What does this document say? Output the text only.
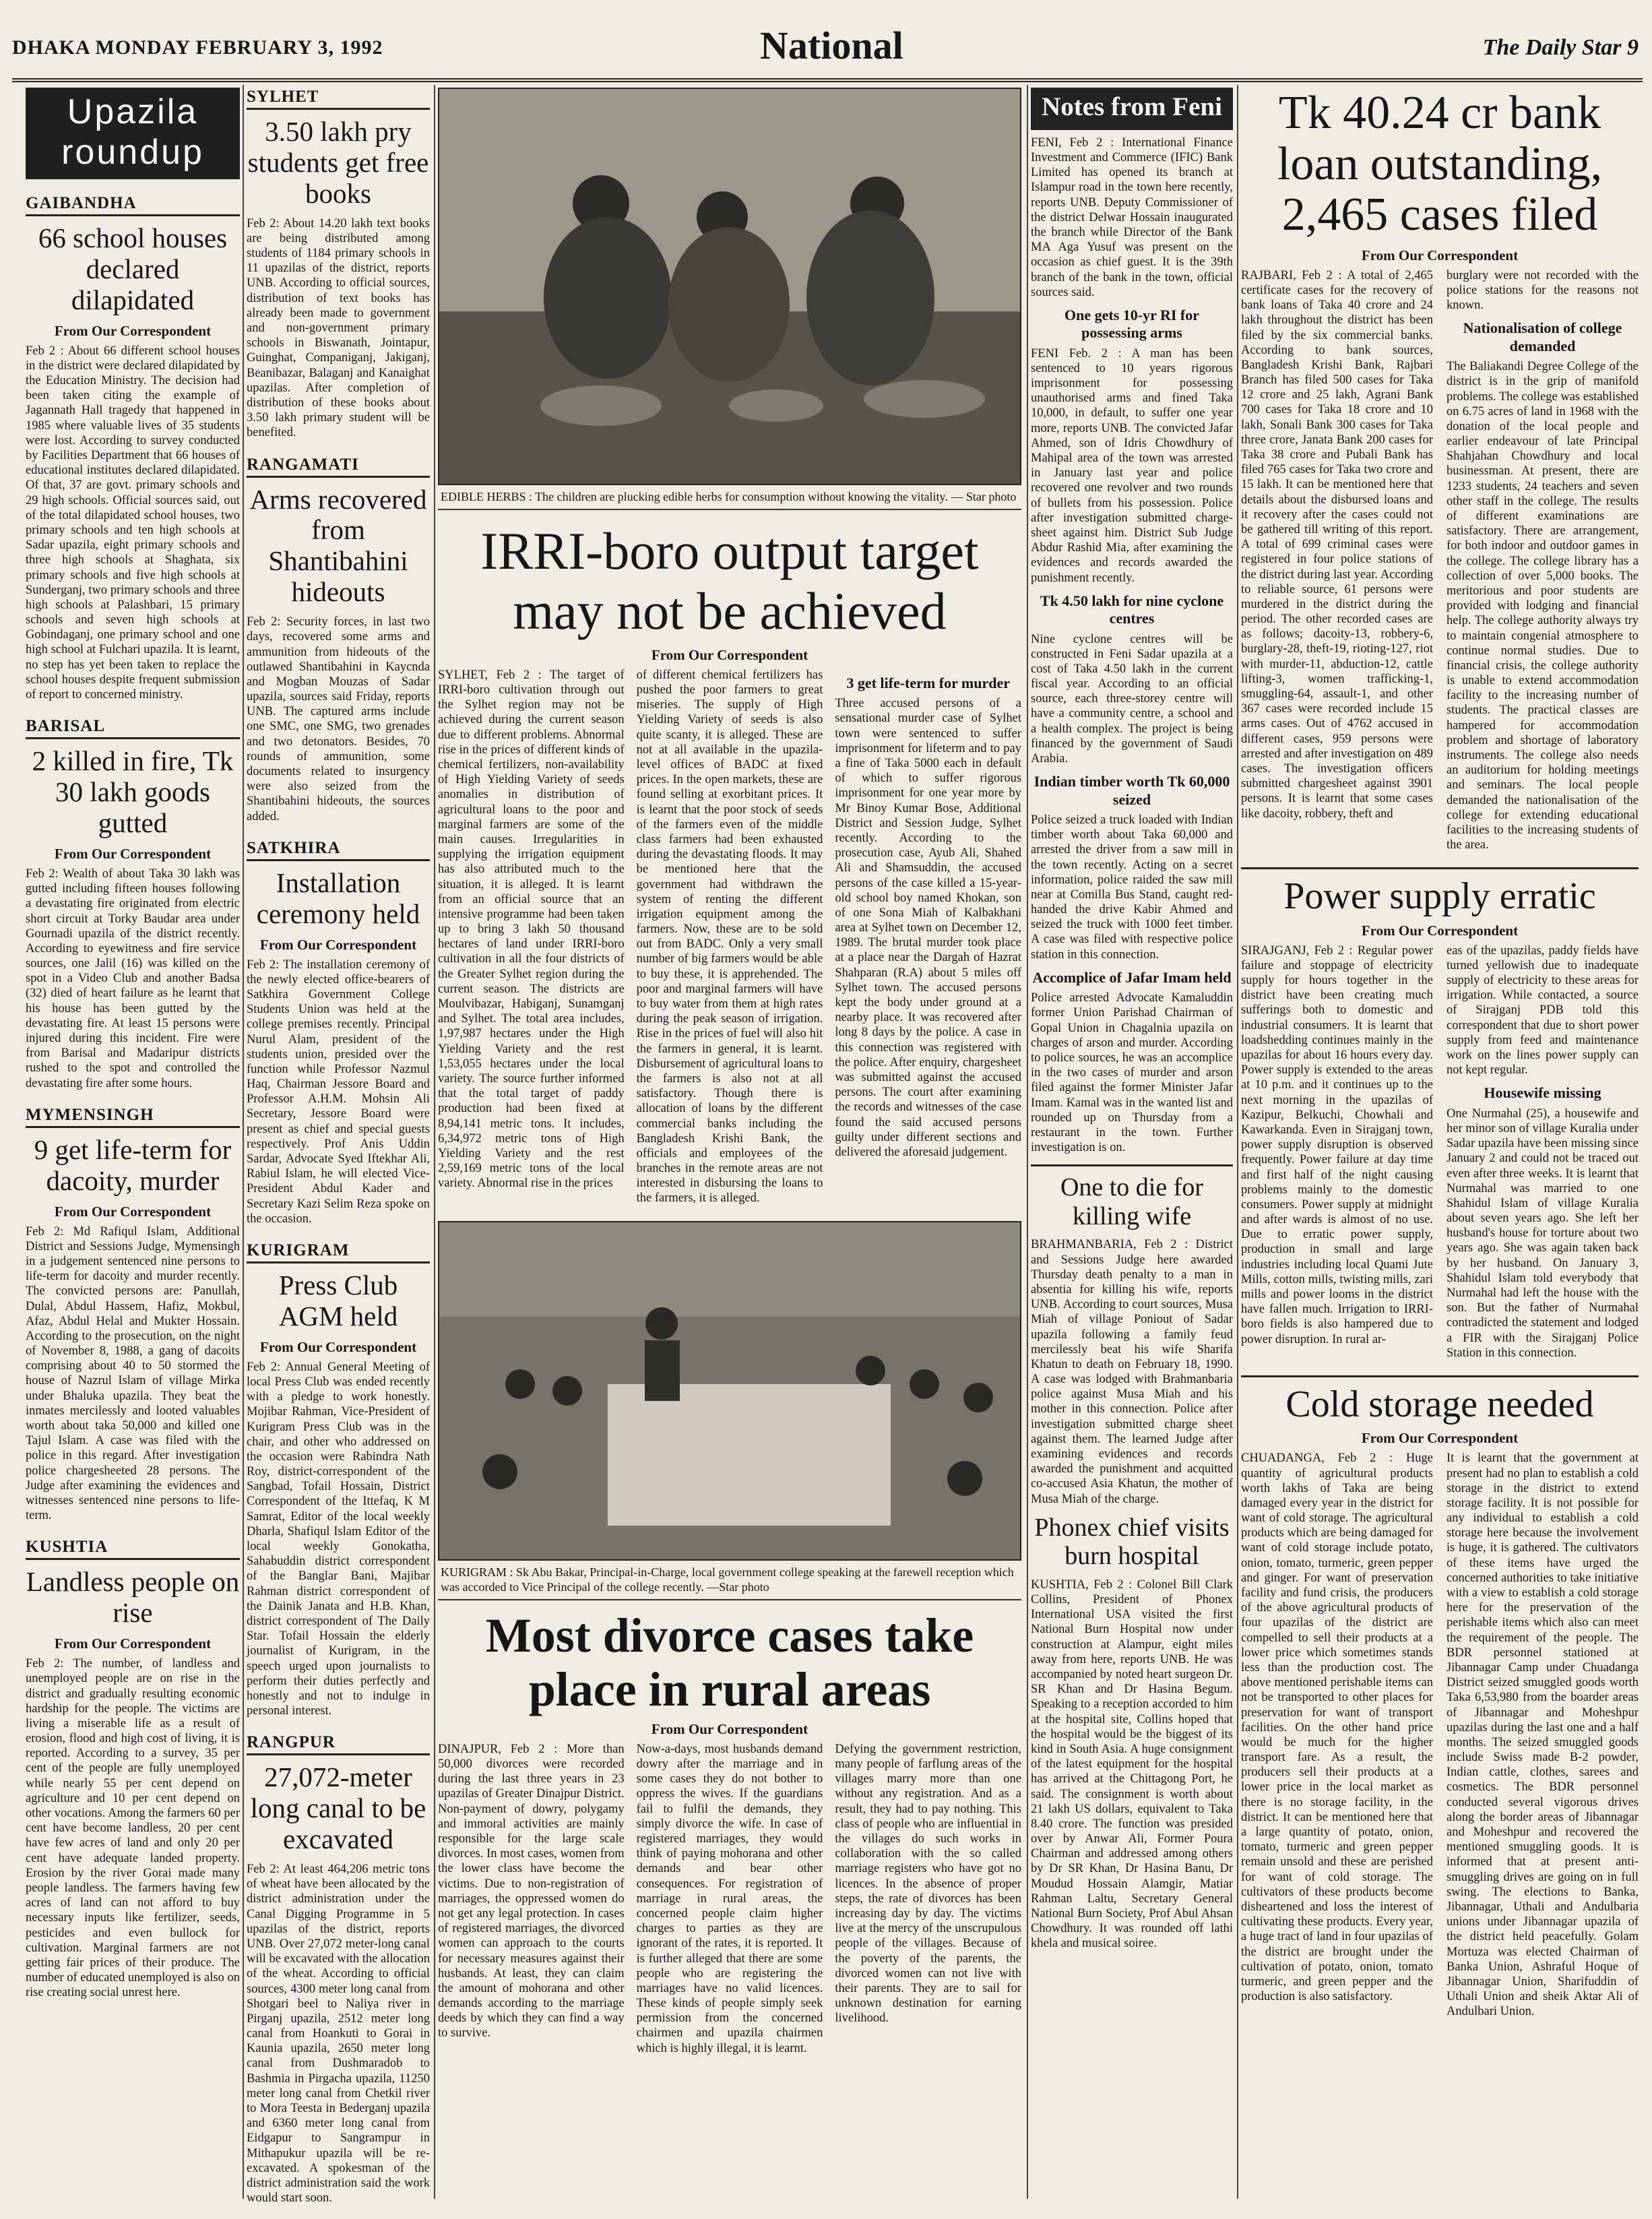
DHAKA MONDAY FEBRUARY 3, 1992	National	The Daily Star 9
Upazila roundup
GAIBANDHA
66 school houses declared dilapidated
From Our Correspondent

Feb 2 : About 66 different school houses in the district were declared dilapidated by the Education Ministry. The decision had been taken citing the example of Jagannath Hall tragedy that happened in 1985 where valuable lives of 35 students were lost. According to survey conducted by Facilities Department that 66 houses of educational institutes declared dilapidated. Of that, 37 are govt. primary schools and 29 high schools. Official sources said, out of the total dilapidated school houses, two primary schools and ten high schools at Sadar upazila, eight primary schools and three high schools at Shaghata, six primary schools and five high schools at Sunderganj, two primary schools and three high schools at Palashbari, 15 primary schools and seven high schools at Gobindaganj, one primary school and one high school at Fulchari upazila. It is learnt, no step has yet been taken to replace the school houses despite frequent submission of report to concerned ministry.

BARISAL
2 killed in fire, Tk 30 lakh goods gutted
From Our Correspondent

Feb 2: Wealth of about Taka 30 lakh was gutted including fifteen houses following a devastating fire originated from electric short circuit at Torky Baudar area under Gournadi upazila of the district recently. According to eyewitness and fire service sources, one Jalil (16) was killed on the spot in a Video Club and another Badsa (32) died of heart failure as he learnt that his house has been gutted by the devastating fire. At least 15 persons were injured during this incident. Fire were from Barisal and Madaripur districts rushed to the spot and controlled the devastating fire after some hours.

MYMENSINGH
9 get life-term for dacoity, murder
From Our Correspondent

Feb 2: Md Rafiqul Islam, Additional District and Sessions Judge, Mymensingh in a judgement sentenced nine persons to life-term for dacoity and murder recently. The convicted persons are: Panullah, Dulal, Abdul Hassem, Hafiz, Mokbul, Afaz, Abdul Helal and Mukter Hossain. According to the prosecution, on the night of November 8, 1988, a gang of dacoits comprising about 40 to 50 stormed the house of Nazrul Islam of village Mirka under Bhaluka upazila. They beat the inmates mercilessly and looted valuables worth about taka 50,000 and killed one Tajul Islam. A case was filed with the police in this regard. After investigation police chargesheeted 28 persons. The Judge after examining the evidences and witnesses sentenced nine persons to life-term.

KUSHTIA
Landless people on rise
From Our Correspondent

Feb 2: The number, of landless and unemployed people are on rise in the district and gradually resulting economic hardship for the people. The victims are living a miserable life as a result of erosion, flood and high cost of living, it is reported. According to a survey, 35 per cent of the people are fully unemployed while nearly 55 per cent depend on agriculture and 10 per cent depend on other vocations. Among the farmers 60 per cent have become landless, 20 per cent have few acres of land and only 20 per cent have adequate landed property. Erosion by the river Gorai made many people landless. The farmers having few acres of land can not afford to buy necessary inputs like fertilizer, seeds, pesticides and even bullock for cultivation. Marginal farmers are not getting fair prices of their produce. The number of educated unemployed is also on rise creating social unrest here.

SYLHET
3.50 lakh pry students get free books

Feb 2: About 14.20 lakh text books are being distributed among students of 1184 primary schools in 11 upazilas of the district, reports UNB. According to official sources, distribution of text books has already been made to government and non-government primary schools in Biswanath, Jointapur, Guinghat, Companiganj, Jakiganj, Beanibazar, Balaganj and Kanaighat upazilas. After completion of distribution of these books about 3.50 lakh primary student will be benefited.

RANGAMATI
Arms recovered from Shantibahini hideouts

Feb 2: Security forces, in last two days, recovered some arms and ammunition from hideouts of the outlawed Shantibahini in Kaycnda and Mogban Mouzas of Sadar upazila, sources said Friday, reports UNB. The captured arms include one SMC, one SMG, two grenades and two detonators. Besides, 70 rounds of ammunition, some documents related to insurgency were also seized from the Shantibahini hideouts, the sources added.

SATKHIRA
Installation ceremony held
From Our Correspondent

Feb 2: The installation ceremony of the newly elected office-bearers of Satkhira Government College Students Union was held at the college premises recently. Principal Nurul Alam, president of the students union, presided over the function while Professor Nazmul Haq, Chairman Jessore Board and Professor A.H.M. Mohsin Ali Secretary, Jessore Board were present as chief and special guests respectively. Prof Anis Uddin Sardar, Advocate Syed Iftekhar Ali, Rabiul Islam, he will elected Vice-President Abdul Kader and Secretary Kazi Selim Reza spoke on the occasion.

KURIGRAM
Press Club AGM held
From Our Correspondent

Feb 2: Annual General Meeting of local Press Club was ended recently with a pledge to work honestly. Mojibar Rahman, Vice-President of Kurigram Press Club was in the chair, and other who addressed on the occasion were Rabindra Nath Roy, district-correspondent of the Sangbad, Tofail Hossain, District Correspondent of the Ittefaq, K M Samrat, Editor of the local weekly Dharla, Shafiqul Islam Editor of the local weekly Gonokatha, Sahabuddin district correspondent of the Banglar Bani, Majibar Rahman district correspondent of the Dainik Janata and H.B. Khan, district correspondent of The Daily Star. Tofail Hossain the elderly journalist of Kurigram, in the speech urged upon journalists to perform their duties perfectly and honestly and not to indulge in personal interest.

RANGPUR
27,072-meter long canal to be excavated

Feb 2: At least 464,206 metric tons of wheat have been allocated by the district administration under the Canal Digging Programme in 5 upazilas of the district, reports UNB. Over 27,072 meter-long canal will be excavated with the allocation of the wheat. According to official sources, 4300 meter long canal from Shotgari beel to Naliya river in Pirganj upazila, 2512 meter long canal from Hoankuti to Gorai in Kaunia upazila, 2650 meter long canal from Dushmaradob to Bashmia in Pirgacha upazila, 11250 meter long canal from Chetkil river to Mora Teesta in Bederganj upazila and 6360 meter long canal from Eidgapur to Sangrampur in Mithapukur upazila will be re-excavated. A spokesman of the district administration said the work would start soon.

EDIBLE HERBS : The children are plucking edible herbs for consumption without knowing the vitality. — Star photo
IRRI-boro output target may not be achieved
From Our Correspondent

SYLHET, Feb 2 : The target of IRRI-boro cultivation through out the Sylhet region may not be achieved during the current season due to different problems. Abnormal rise in the prices of different kinds of chemical fertilizers, non-availability of High Yielding Variety of seeds anomalies in distribution of agricultural loans to the poor and marginal farmers are some of the main causes. Irregularities in supplying the irrigation equipment has also attributed much to the situation, it is alleged. It is learnt from an official source that an intensive programme had been taken up to bring 3 lakh 50 thousand hectares of land under IRRI-boro cultivation in all the four districts of the Greater Sylhet region during the current season. The districts are Moulvibazar, Habiganj, Sunamganj and Sylhet. The total area includes, 1,97,987 hectares under the High Yielding Variety and the rest 1,53,055 hectares under the local variety. The source further informed that the total target of paddy production had been fixed at 8,94,141 metric tons. It includes, 6,34,972 metric tons of High Yielding Variety and the rest 2,59,169 metric tons of the local variety. Abnormal rise in the prices

of different chemical fertilizers has pushed the poor farmers to great miseries. The supply of High Yielding Variety of seeds is also quite scanty, it is alleged. These are not at all available in the upazila-level offices of BADC at fixed prices. In the open markets, these are found selling at exorbitant prices. It is learnt that the poor stock of seeds of the farmers even of the middle class farmers had been exhausted during the devastating floods. It may be mentioned here that the government had withdrawn the system of renting the different irrigation equipment among the farmers. Now, these are to be sold out from BADC. Only a very small number of big farmers would be able to buy these, it is apprehended. The poor and marginal farmers will have to buy water from them at high rates during the peak season of irrigation. Rise in the prices of fuel will also hit the farmers in general, it is learnt. Disbursement of agricultural loans to the farmers is also not at all satisfactory. Though there is allocation of loans by the different commercial banks including the Bangladesh Krishi Bank, the officials and employees of the branches in the remote areas are not interested in disbursing the loans to the farmers, it is alleged.

3 get life-term for murder

Three accused persons of a sensational murder case of Sylhet town were sentenced to suffer imprisonment for lifeterm and to pay a fine of Taka 5000 each in default of which to suffer rigorous imprisonment for one year more by Mr Binoy Kumar Bose, Additional District and Session Judge, Sylhet recently. According to the prosecution case, Ayub Ali, Shahed Ali and Shamsuddin, the accused persons of the case killed a 15-year-old school boy named Khokan, son of one Sona Miah of Kalbakhani area at Sylhet town on December 12, 1989. The brutal murder took place at a place near the Dargah of Hazrat Shahparan (R.A) about 5 miles off Sylhet town. The accused persons kept the body under ground at a nearby place. It was recovered after long 8 days by the police. A case in this connection was registered with the police. After enquiry, chargesheet was submitted against the accused persons. The court after examining the records and witnesses of the case found the said accused persons guilty under different sections and delivered the aforesaid judgement.

KURIGRAM : Sk Abu Bakar, Principal-in-Charge, local government college speaking at the farewell reception which was accorded to Vice Principal of the college recently. —Star photo
Most divorce cases take place in rural areas
From Our Correspondent

DINAJPUR, Feb 2 : More than 50,000 divorces were recorded during the last three years in 23 upazilas of Greater Dinajpur District. Non-payment of dowry, polygamy and immoral activities are mainly responsible for the large scale divorces. In most cases, women from the lower class have become the victims. Due to non-registration of marriages, the oppressed women do not get any legal protection. In cases of registered marriages, the divorced women can approach to the courts for necessary measures against their husbands. At least, they can claim the amount of mohorana and other demands according to the marriage deeds by which they can find a way to survive.

Now-a-days, most husbands demand dowry after the marriage and in some cases they do not bother to oppress the wives. If the guardians fail to fulfil the demands, they simply divorce the wife. In case of registered marriages, they would think of paying mohorana and other demands and bear other consequences. For registration of marriage in rural areas, the concerned people claim higher charges to parties as they are ignorant of the rates, it is reported. It is further alleged that there are some people who are registering the marriages have no valid licences. These kinds of people simply seek permission from the concerned chairmen and upazila chairmen which is highly illegal, it is learnt.

Defying the government restriction, many people of farflung areas of the villages marry more than one without any registration. And as a result, they had to pay nothing. This class of people who are influential in the villages do such works in collaboration with the so called marriage registers who have got no licences. In the absence of proper steps, the rate of divorces has been increasing day by day. The victims live at the mercy of the unscrupulous people of the villages. Because of the poverty of the parents, the divorced women can not live with their parents. They are to sail for unknown destination for earning livelihood.

Notes from Feni

FENI, Feb 2 : International Finance Investment and Commerce (IFIC) Bank Limited has opened its branch at Islampur road in the town here recently, reports UNB. Deputy Commissioner of the district Delwar Hossain inaugurated the branch while Director of the Bank MA Aga Yusuf was present on the occasion as chief guest. It is the 39th branch of the bank in the town, official sources said.

One gets 10-yr RI for possessing arms

FENI Feb. 2 : A man has been sentenced to 10 years rigorous imprisonment for possessing unauthorised arms and fined Taka 10,000, in default, to suffer one year more, reports UNB. The convicted Jafar Ahmed, son of Idris Chowdhury of Mahipal area of the town was arrested in January last year and police recovered one revolver and two rounds of bullets from his possession. Police after investigation submitted charge-sheet against him. District Sub Judge Abdur Rashid Mia, after examining the evidences and records awarded the punishment recently.

Tk 4.50 lakh for nine cyclone centres

Nine cyclone centres will be constructed in Feni Sadar upazila at a cost of Taka 4.50 lakh in the current fiscal year. According to an official source, each three-storey centre will have a community centre, a school and a health complex. The project is being financed by the government of Saudi Arabia.

Indian timber worth Tk 60,000 seized

Police seized a truck loaded with Indian timber worth about Taka 60,000 and arrested the driver from a saw mill in the town recently. Acting on a secret information, police raided the saw mill near at Comilla Bus Stand, caught red-handed the drive Kabir Ahmed and seized the truck with 1000 feet timber. A case was filed with respective police station in this connection.

Accomplice of Jafar Imam held

Police arrested Advocate Kamaluddin former Union Parishad Chairman of Gopal Union in Chagalnia upazila on charges of arson and murder. According to police sources, he was an accomplice in the two cases of murder and arson filed against the former Minister Jafar Imam. Kamal was in the wanted list and rounded up on Thursday from a restaurant in the town. Further investigation is on.

One to die for killing wife

BRAHMANBARIA, Feb 2 : District and Sessions Judge here awarded Thursday death penalty to a man in absentia for killing his wife, reports UNB. According to court sources, Musa Miah of village Poniout of Sadar upazila following a family feud mercilessly beat his wife Sharifa Khatun to death on February 18, 1990. A case was lodged with Brahmanbaria police against Musa Miah and his mother in this connection. Police after investigation submitted charge sheet against them. The learned Judge after examining evidences and records awarded the punishment and acquitted co-accused Asia Khatun, the mother of Musa Miah of the charge.

Phonex chief visits burn hospital

KUSHTIA, Feb 2 : Colonel Bill Clark Collins, President of Phonex International USA visited the first National Burn Hospital now under construction at Alampur, eight miles away from here, reports UNB. He was accompanied by noted heart surgeon Dr. SR Khan and Dr Hasina Begum. Speaking to a reception accorded to him at the hospital site, Collins hoped that the hospital would be the biggest of its kind in South Asia. A huge consignment of the latest equipment for the hospital has arrived at the Chittagong Port, he said. The consignment is worth about 21 lakh US dollars, equivalent to Taka 8.40 crore. The function was presided over by Anwar Ali, Former Poura Chairman and addressed among others by Dr SR Khan, Dr Hasina Banu, Dr Moudud Hossain Alamgir, Matiar Rahman Laltu, Secretary General National Burn Society, Prof Abul Ahsan Chowdhury. It was rounded off lathi khela and musical soiree.

Tk 40.24 cr bank loan outstanding, 2,465 cases filed
From Our Correspondent

RAJBARI, Feb 2 : A total of 2,465 certificate cases for the recovery of bank loans of Taka 40 crore and 24 lakh throughout the district has been filed by the six commercial banks. According to bank sources, Bangladesh Krishi Bank, Rajbari Branch has filed 500 cases for Taka 12 crore and 25 lakh, Agrani Bank 700 cases for Taka 18 crore and 10 lakh, Sonali Bank 300 cases for Taka three crore, Janata Bank 200 cases for Taka 38 crore and Pubali Bank has filed 765 cases for Taka two crore and 15 lakh. It can be mentioned here that details about the disbursed loans and it recovery after the cases could not be gathered till writing of this report. A total of 699 criminal cases were registered in four police stations of the district during last year. According to reliable source, 61 persons were murdered in the district during the period. The other recorded cases are as follows; dacoity-13, robbery-6, burglary-28, theft-19, rioting-127, riot with murder-11, abduction-12, cattle lifting-3, women trafficking-1, smuggling-64, assault-1, and other 367 cases were recorded include 15 arms cases. Out of 4762 accused in different cases, 959 persons were arrested and after investigation on 489 cases. The investigation officers submitted chargesheet against 3901 persons. It is learnt that some cases like dacoity, robbery, theft and

burglary were not recorded with the police stations for the reasons not known.

Nationalisation of college demanded

The Baliakandi Degree College of the district is in the grip of manifold problems. The college was established on 6.75 acres of land in 1968 with the donation of the local people and earlier endeavour of late Principal Shahjahan Chowdhury and local businessman. At present, there are 1233 students, 24 teachers and seven other staff in the college. The results of different examinations are satisfactory. There are arrangement, for both indoor and outdoor games in the college. The college library has a collection of over 5,000 books. The meritorious and poor students are provided with lodging and financial help. The college authority always try to maintain congenial atmosphere to continue normal studies. Due to financial crisis, the college authority is unable to extend accommodation facility to the increasing number of students. The practical classes are hampered for accommodation problem and shortage of laboratory instruments. The college also needs an auditorium for holding meetings and seminars. The local people demanded the nationalisation of the college for extending educational facilities to the increasing students of the area.

Power supply erratic
From Our Correspondent

SIRAJGANJ, Feb 2 : Regular power failure and stoppage of electricity supply for hours together in the district have been creating much sufferings both to domestic and industrial consumers. It is learnt that loadshedding continues mainly in the upazilas for about 16 hours every day. Power supply is extended to the areas at 10 p.m. and it continues up to the next morning in the upazilas of Kazipur, Belkuchi, Chowhali and Kawarkanda. Even in Sirajganj town, power supply disruption is observed frequently. Power failure at day time and first half of the night causing problems mainly to the domestic consumers. Power supply at midnight and after wards is almost of no use. Due to erratic power supply, production in small and large industries including local Quami Jute Mills, cotton mills, twisting mills, zari mills and power looms in the district have fallen much. Irrigation to IRRI-boro fields is also hampered due to power disruption. In rural ar-

eas of the upazilas, paddy fields have turned yellowish due to inadequate supply of electricity to these areas for irrigation. While contacted, a source of Sirajganj PDB told this correspondent that due to short power supply from feed and maintenance work on the lines power supply can not kept regular.

Housewife missing

One Nurmahal (25), a housewife and her minor son of village Kuralia under Sadar upazila have been missing since January 2 and could not be traced out even after three weeks. It is learnt that Nurmahal was married to one Shahidul Islam of village Kuralia about seven years ago. She left her husband's house for torture about two years ago. She was again taken back by her husband. On January 3, Shahidul Islam told everybody that Nurmahal had left the house with the son. But the father of Nurmahal contradicted the statement and lodged a FIR with the Sirajganj Police Station in this connection.

Cold storage needed
From Our Correspondent

CHUADANGA, Feb 2 : Huge quantity of agricultural products worth lakhs of Taka are being damaged every year in the district for want of cold storage. The agricultural products which are being damaged for want of cold storage include potato, onion, tomato, turmeric, green pepper and ginger. For want of preservation facility and fund crisis, the producers of the above agricultural products of four upazilas of the district are compelled to sell their products at a lower price which sometimes stands less than the production cost. The above mentioned perishable items can not be transported to other places for preservation for want of transport facilities. On the other hand price would be much for the higher transport fare. As a result, the producers sell their products at a lower price in the local market as there is no storage facility, in the district. It can be mentioned here that a large quantity of potato, onion, tomato, turmeric and green pepper remain unsold and these are perished for want of cold storage. The cultivators of these products become disheartened and loss the interest of cultivating these products. Every year, a huge tract of land in four upazilas of the district are brought under the cultivation of potato, onion, tomato turmeric, and green pepper and the production is also satisfactory.

It is learnt that the government at present had no plan to establish a cold storage in the district to extend storage facility. It is not possible for any individual to establish a cold storage here because the involvement is huge, it is gathered. The cultivators of these items have urged the concerned authorities to take initiative with a view to establish a cold storage here for the preservation of the perishable items which also can meet the requirement of the people. The BDR personnel stationed at Jibannagar Camp under Chuadanga District seized smuggled goods worth Taka 6,53,980 from the boarder areas of Jibannagar and Moheshpur upazilas during the last one and a half months. The seized smuggled goods include Swiss made B-2 powder, Indian cattle, clothes, sarees and cosmetics. The BDR personnel conducted several vigorous drives along the border areas of Jibannagar and Moheshpur and recovered the mentioned smuggling goods. It is informed that at present anti-smuggling drives are going on in full swing. The elections to Banka, Jibannagar, Uthali and Andulbaria unions under Jibannagar upazila of the district held peacefully. Golam Mortuza was elected Chairman of Banka Union, Ashraful Hoque of Jibannagar Union, Sharifuddin of Uthali Union and sheik Aktar Ali of Andulbari Union.
